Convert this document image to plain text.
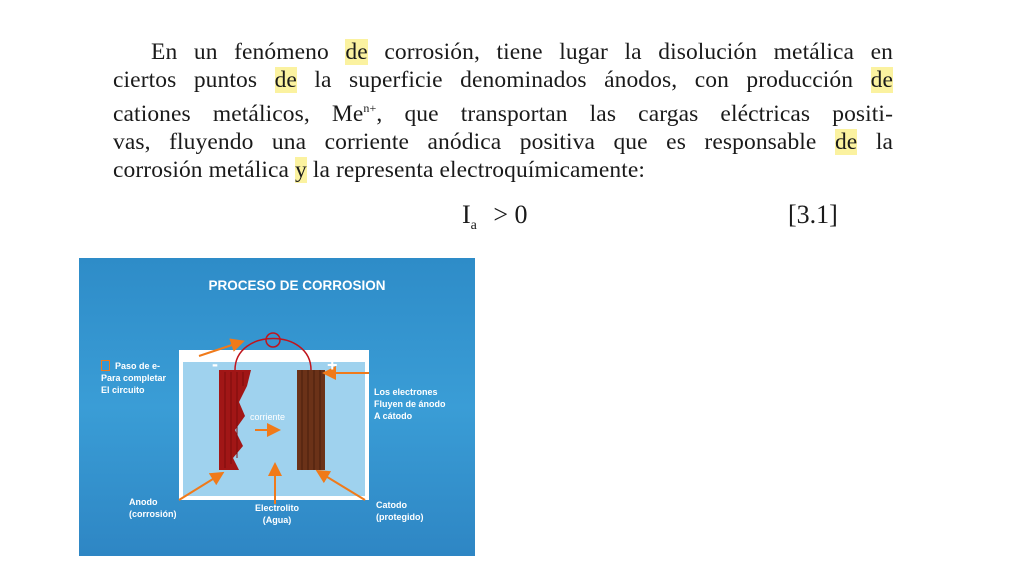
En un fenómeno de corrosión, tiene lugar la disolución metálica en
ciertos puntos de la superficie denominados ánodos, con producción de
cationes metálicos, $Me^{n+}$, que transportan las cargas eléctricas positi-
vas, fluyendo una corriente anódica positiva que es responsable de la
corrosión metálica y la representa electroquímicamente:
$I_a > 0$	[3.1]
PROCESO DE CORROSION
-	+
Paso de e-
Para completar
El circuito	Los electrones
Fluyen de ánodo
A cátodo
corriente
Anodo
(corrosión)
Electrolito
(Agua)
Catodo
(protegido)
